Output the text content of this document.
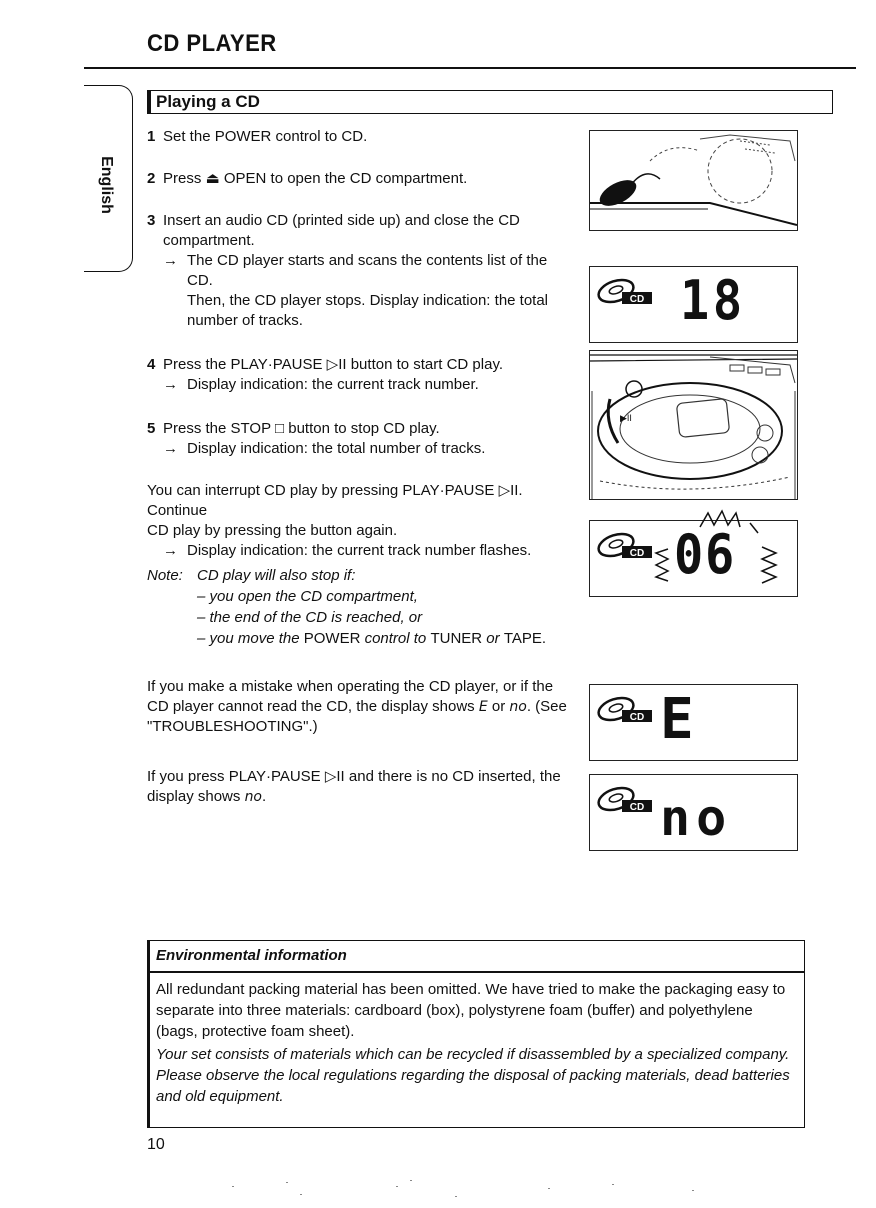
CD PLAYER
English
Playing a CD
1 Set the POWER control to CD.
2 Press ⏏ OPEN to open the CD compartment.
3 Insert an audio CD (printed side up) and close the CD
compartment.
→ The CD player starts and scans the contents list of the CD.
Then, the CD player stops. Display indication: the total
number of tracks.
4 Press the PLAY·PAUSE ▷II button to start CD play.
→ Display indication: the current track number.
5 Press the STOP □ button to stop CD play.
→ Display indication: the total number of tracks.
You can interrupt CD play by pressing PLAY·PAUSE ▷II. Continue
CD play by pressing the button again.
→ Display indication: the current track number flashes.
Note: CD play will also stop if:
– you open the CD compartment,
– the end of the CD is reached, or
– you move the POWER control to TUNER or TAPE.
If you make a mistake when operating the CD player, or if the
CD player cannot read the CD, the display shows E or no. (See
"TROUBLESHOOTING".)
If you press PLAY·PAUSE ▷II and there is no CD inserted, the
display shows no.
CD 18
▶II
CD 06
CD E
CD no
Environmental information
All redundant packing material has been omitted. We have tried to make the packaging easy to separate into three materials: cardboard (box), polystyrene foam (buffer) and polyethylene (bags, protective foam sheet).
Your set consists of materials which can be recycled if disassembled by a specialized company. Please observe the local regulations regarding the disposal of packing materials, dead batteries and old equipment.
10
